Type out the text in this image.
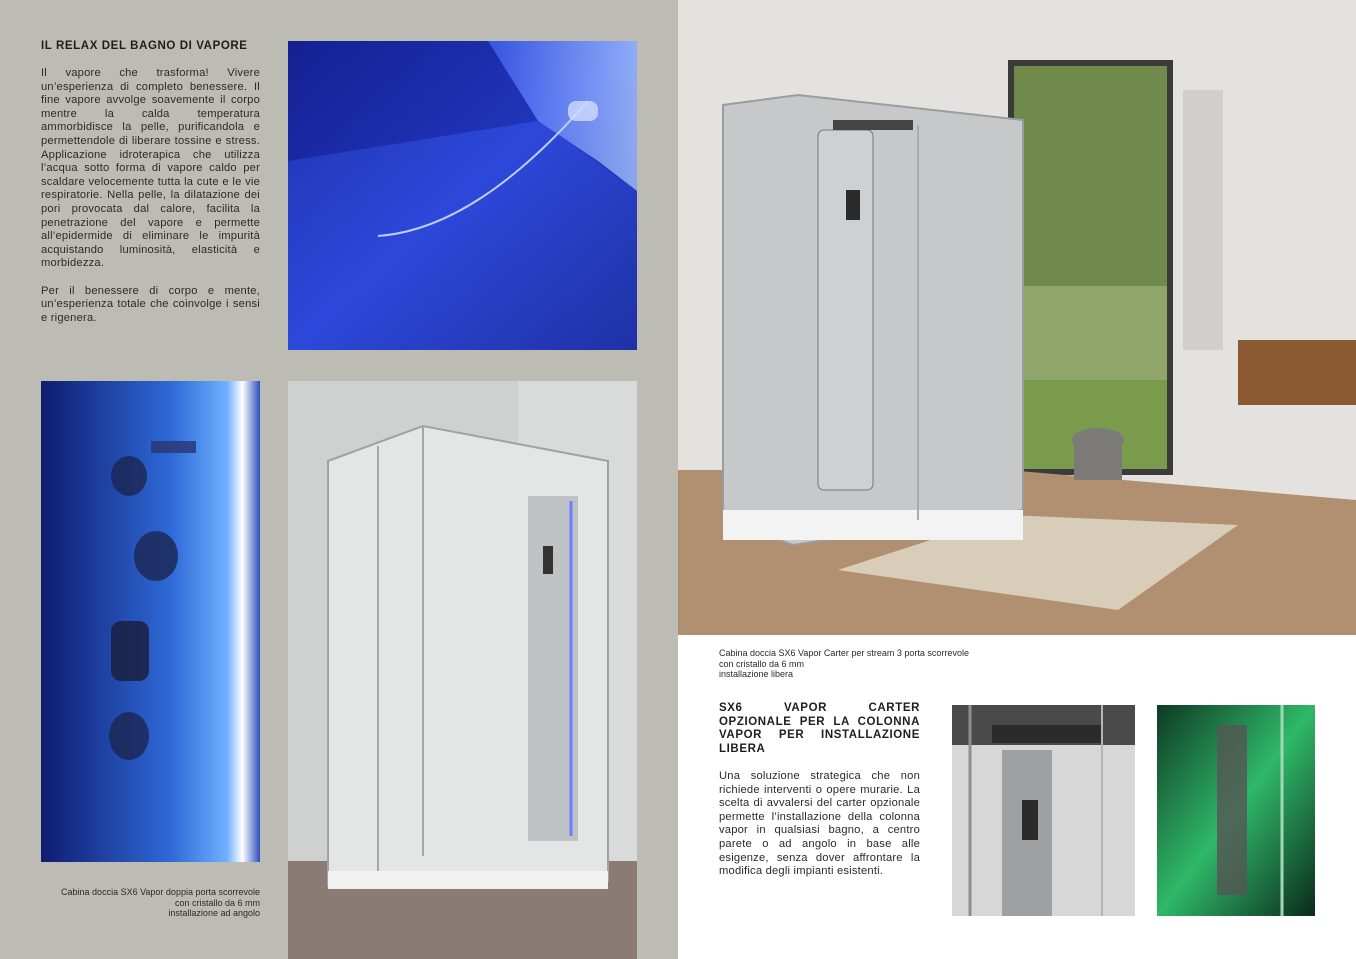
IL RELAX DEL BAGNO DI VAPORE

Il vapore che trasforma! Vivere un’esperienza di completo benessere. Il fine vapore avvolge soavemente il corpo mentre la calda temperatura ammorbidisce la pelle, purificandola e permettendole di liberare tossine e stress. Applicazione idroterapica che utilizza l’acqua sotto forma di vapore caldo per scaldare velocemente tutta la cute e le vie respiratorie. Nella pelle, la dilatazione dei pori provocata dal calore, facilita la penetrazione del vapore e permette all’epidermide di eliminare le impurità acquistando luminosità, elasticità e morbidezza.

Per il benessere di corpo e mente, un’esperienza totale che coinvolge i sensi e rigenera.

Cabina doccia SX6 Vapor doppia porta scorrevole
con cristallo da 6 mm
installazione ad angolo
Cabina doccia SX6 Vapor Carter per stream 3 porta scorrevole
con cristallo da 6 mm
installazione libera
SX6 VAPOR CARTER OPZIONALE PER LA COLONNA VAPOR PER INSTALLAZIONE LIBERA

Una soluzione strategica che non richiede interventi o opere murarie. La scelta di avvalersi del carter opzionale permette l’installazione della colonna vapor in qualsiasi bagno, a centro parete o ad angolo in base alle esigenze, senza dover affrontare la modifica degli impianti esistenti.
